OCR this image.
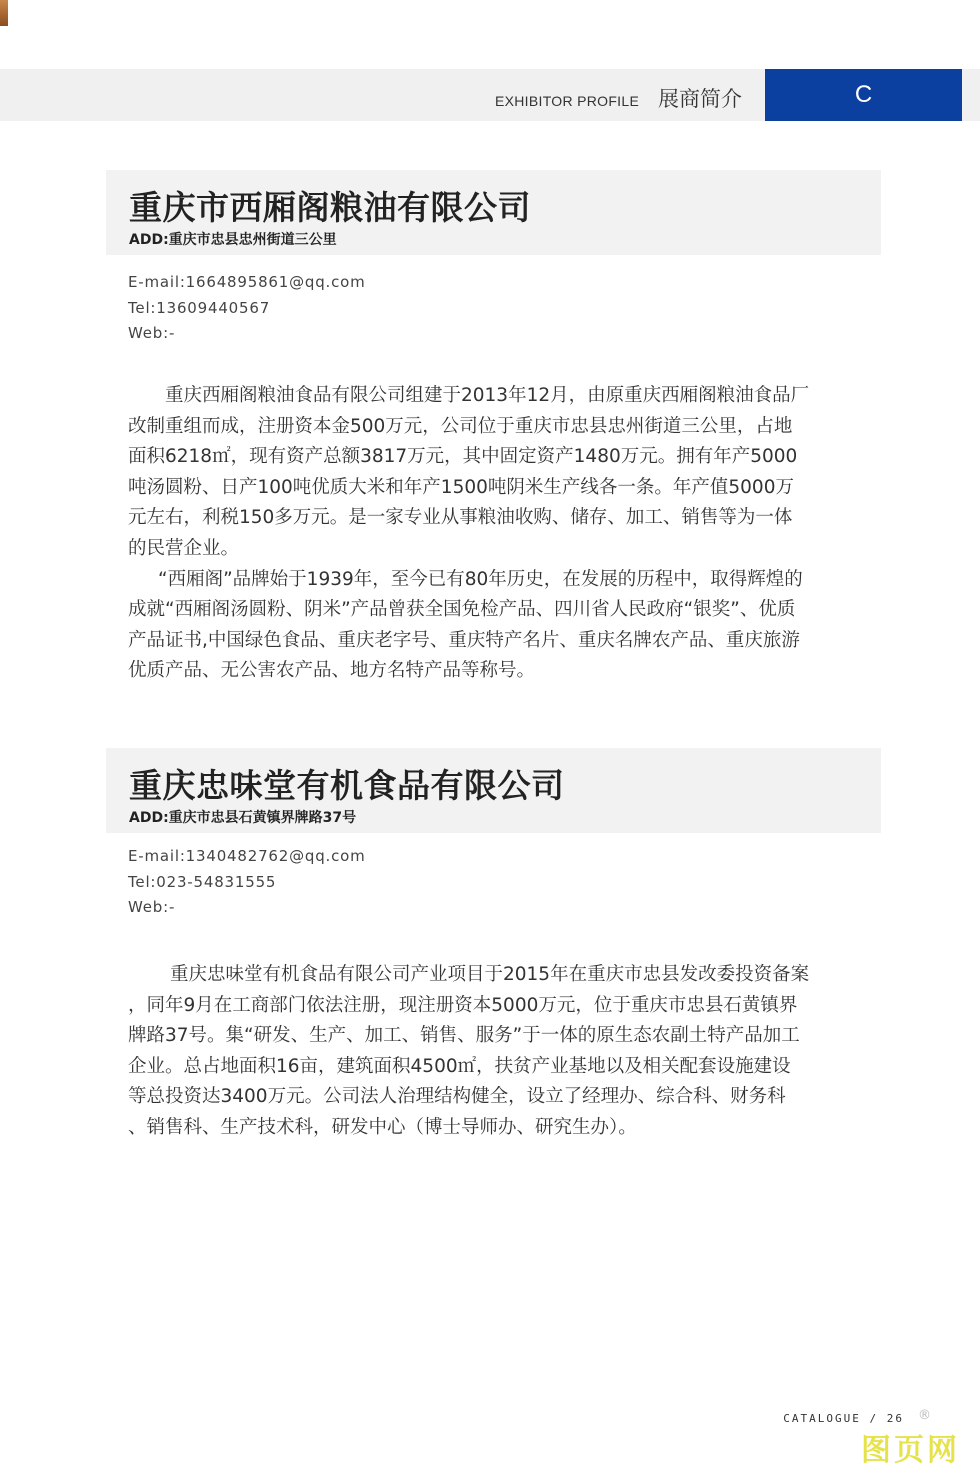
EXHIBITOR PROFILE 展商简介	C
重庆市西厢阁粮油有限公司
ADD:重庆市忠县忠州街道三公里
E-mail:1664895861@qq.com
Tel:13609440567
Web:-

重庆西厢阁粮油食品有限公司组建于2013年12月，由原重庆西厢阁粮油食品厂

改制重组而成，注册资本金500万元，公司位于重庆市忠县忠州街道三公里，占地

面积6218㎡，现有资产总额3817万元，其中固定资产1480万元。拥有年产5000

吨汤圆粉、日产100吨优质大米和年产1500吨阴米生产线各一条。年产值5000万

元左右，利税150多万元。是一家专业从事粮油收购、储存、加工、销售等为一体

的民营企业。

“西厢阁”品牌始于1939年，至今已有80年历史，在发展的历程中，取得辉煌的

成就“西厢阁汤圆粉、阴米”产品曾获全国免检产品、四川省人民政府“银奖”、优质

产品证书,中国绿色食品、重庆老字号、重庆特产名片、重庆名牌农产品、重庆旅游

优质产品、无公害农产品、地方名特产品等称号。

重庆忠味堂有机食品有限公司
ADD:重庆市忠县石黄镇界牌路37号
E-mail:1340482762@qq.com
Tel:023-54831555
Web:-

重庆忠味堂有机食品有限公司产业项目于2015年在重庆市忠县发改委投资备案

，同年9月在工商部门依法注册，现注册资本5000万元，位于重庆市忠县石黄镇界

牌路37号。集“研发、生产、加工、销售、服务”于一体的原生态农副土特产品加工

企业。总占地面积16亩，建筑面积4500㎡，扶贫产业基地以及相关配套设施建设

等总投资达3400万元。公司法人治理结构健全，设立了经理办、综合科、财务科

、销售科、生产技术科，研发中心（博士导师办、研究生办）。

CATALOGUE / 26 ®
图页网
